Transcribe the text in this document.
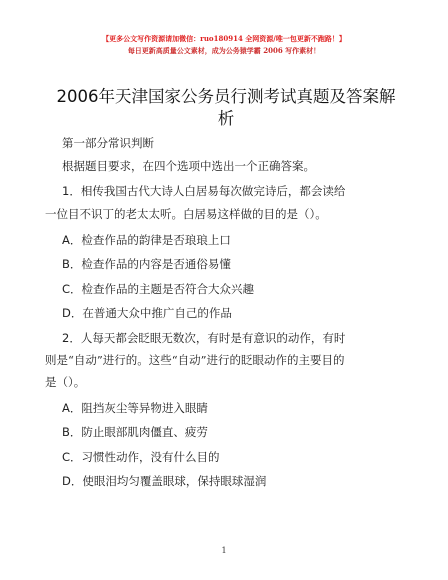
【更多公文写作资源请加微信：ruo180914 全网资源/唯一包更新不跑路！】
每日更新高质量公文素材，成为公务猿学霸 2006 写作素材！
2006年天津国家公务员行测考试真题及答案解
析
第一部分常识判断
根据题目要求，在四个选项中选出一个正确答案。
1．相传我国古代大诗人白居易每次做完诗后，都会读给
一位目不识丁的老太太听。白居易这样做的目的是（）。
A．检查作品的韵律是否琅琅上口
B．检查作品的内容是否通俗易懂
C．检查作品的主题是否符合大众兴趣
D．在普通大众中推广自己的作品
2．人每天都会眨眼无数次，有时是有意识的动作，有时
则是“自动”进行的。这些“自动”进行的眨眼动作的主要目的
是（）。
A．阻挡灰尘等异物进入眼睛
B．防止眼部肌肉僵直、疲劳
C．习惯性动作，没有什么目的
D．使眼泪均匀覆盖眼球，保持眼球湿润
1
